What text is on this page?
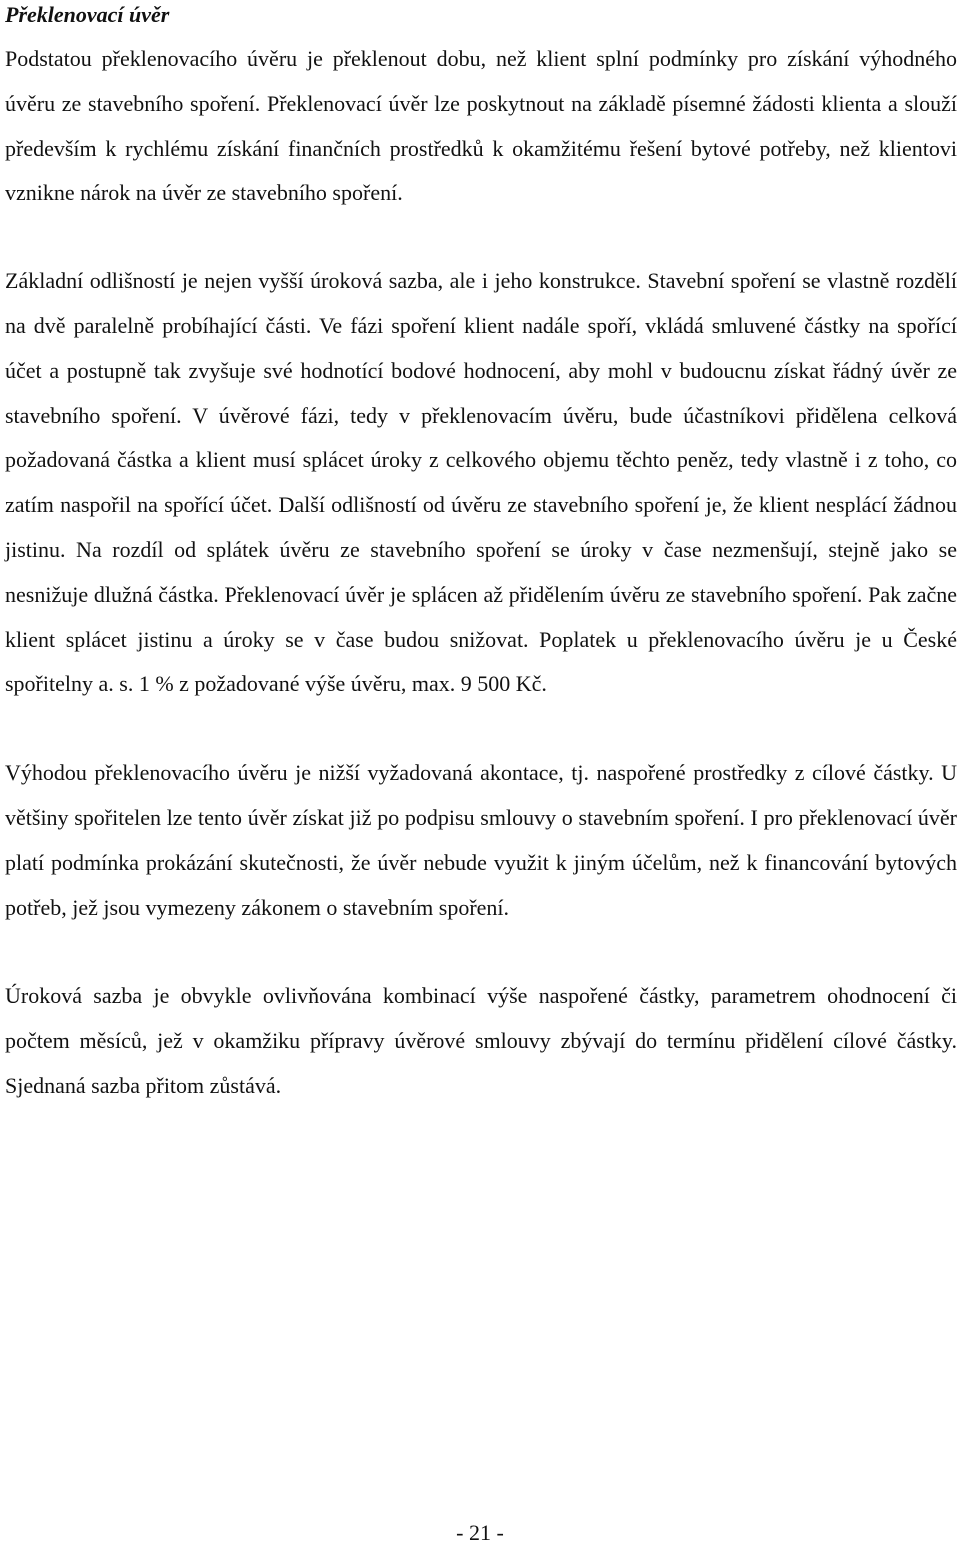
Překlenovací úvěr

Podstatou překlenovacího úvěru je překlenout dobu, než klient splní podmínky pro získání výhodného úvěru ze stavebního spoření. Překlenovací úvěr lze poskytnout na základě písemné žádosti klienta a slouží především k rychlému získání finančních prostředků k okamžitému řešení bytové potřeby, než klientovi vznikne nárok na úvěr ze stavebního spoření.

Základní odlišností je nejen vyšší úroková sazba, ale i jeho konstrukce. Stavební spoření se vlastně rozdělí na dvě paralelně probíhající části. Ve fázi spoření klient nadále spoří, vkládá smluvené částky na spořící účet a postupně tak zvyšuje své hodnotící bodové hodnocení, aby mohl v budoucnu získat řádný úvěr ze stavebního spoření. V úvěrové fázi, tedy v překlenovacím úvěru, bude účastníkovi přidělena celková požadovaná částka a klient musí splácet úroky z celkového objemu těchto peněz, tedy vlastně i z toho, co zatím naspořil na spořící účet. Další odlišností od úvěru ze stavebního spoření je, že klient nesplácí žádnou jistinu. Na rozdíl od splátek úvěru ze stavebního spoření se úroky v čase nezmenšují, stejně jako se nesnižuje dlužná částka. Překlenovací úvěr je splácen až přidělením úvěru ze stavebního spoření. Pak začne klient splácet jistinu a úroky se v čase budou snižovat. Poplatek u překlenovacího úvěru je u České spořitelny a. s. 1 % z požadované výše úvěru, max. 9 500 Kč.

Výhodou překlenovacího úvěru je nižší vyžadovaná akontace, tj. naspořené prostředky z cílové částky. U většiny spořitelen lze tento úvěr získat již po podpisu smlouvy o stavebním spoření. I pro překlenovací úvěr platí podmínka prokázání skutečnosti, že úvěr nebude využit k jiným účelům, než k financování bytových potřeb, jež jsou vymezeny zákonem o stavebním spoření.

Úroková sazba je obvykle ovlivňována kombinací výše naspořené částky, parametrem ohodnocení či počtem měsíců, jež v okamžiku přípravy úvěrové smlouvy zbývají do termínu přidělení cílové částky. Sjednaná sazba přitom zůstává.

- 21 -
